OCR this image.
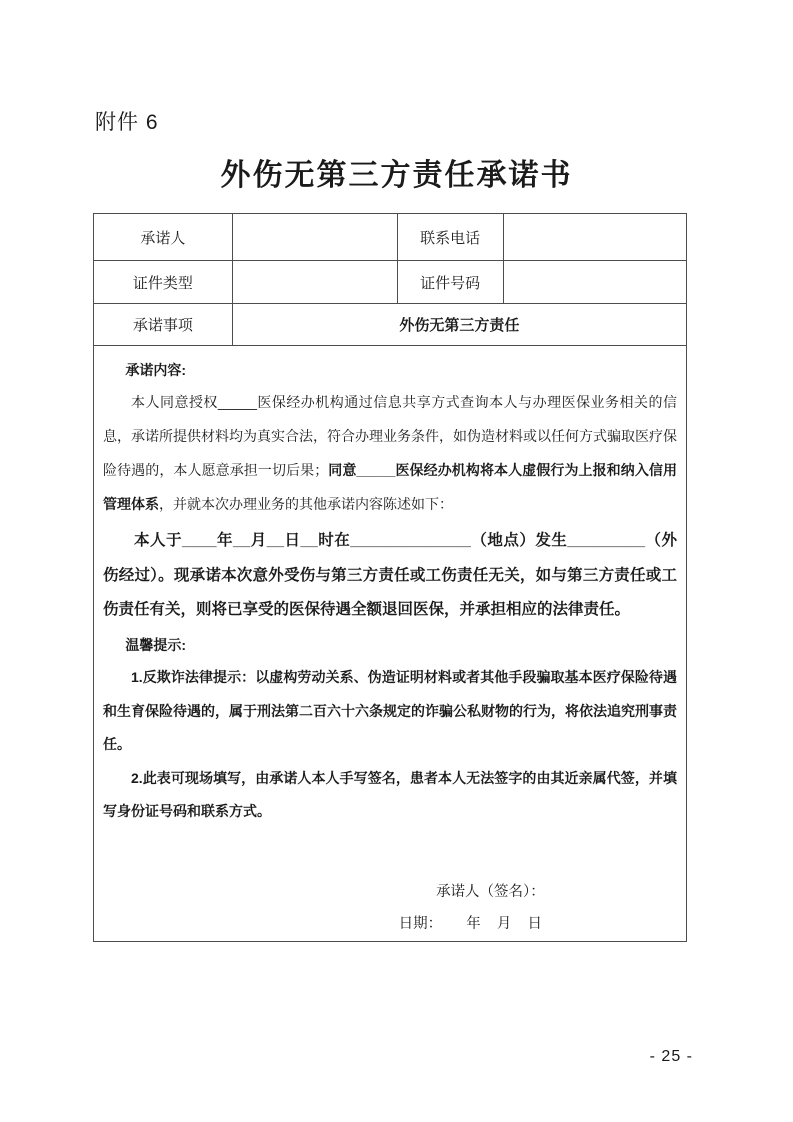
附件 6
外伤无第三方责任承诺书
承诺人		联系电话	
证件类型		证件号码	
承诺事项	外伤无第三方责任		

承诺内容:

本人同意授权_____医保经办机构通过信息共享方式查询本人与办理医保业务相关的信息，承诺所提供材料均为真实合法，符合办理业务条件，如伪造材料或以任何方式骗取医疗保险待遇的，本人愿意承担一切后果；同意_____医保经办机构将本人虚假行为上报和纳入信用管理体系，并就本次办理业务的其他承诺内容陈述如下：

本人于____年__月__日__时在______________（地点）发生_________（外伤经过）。现承诺本次意外受伤与第三方责任或工伤责任无关，如与第三方责任或工伤责任有关，则将已享受的医保待遇全额退回医保，并承担相应的法律责任。

温馨提示:

1.反欺诈法律提示：以虚构劳动关系、伪造证明材料或者其他手段骗取基本医疗保险待遇和生育保险待遇的，属于刑法第二百六十六条规定的诈骗公私财物的行为，将依法追究刑事责任。

2.此表可现场填写，由承诺人本人手写签名，患者本人无法签字的由其近亲属代签，并填写身份证号码和联系方式。

承诺人（签名）：
日期：      年    月    日
- 25 -
